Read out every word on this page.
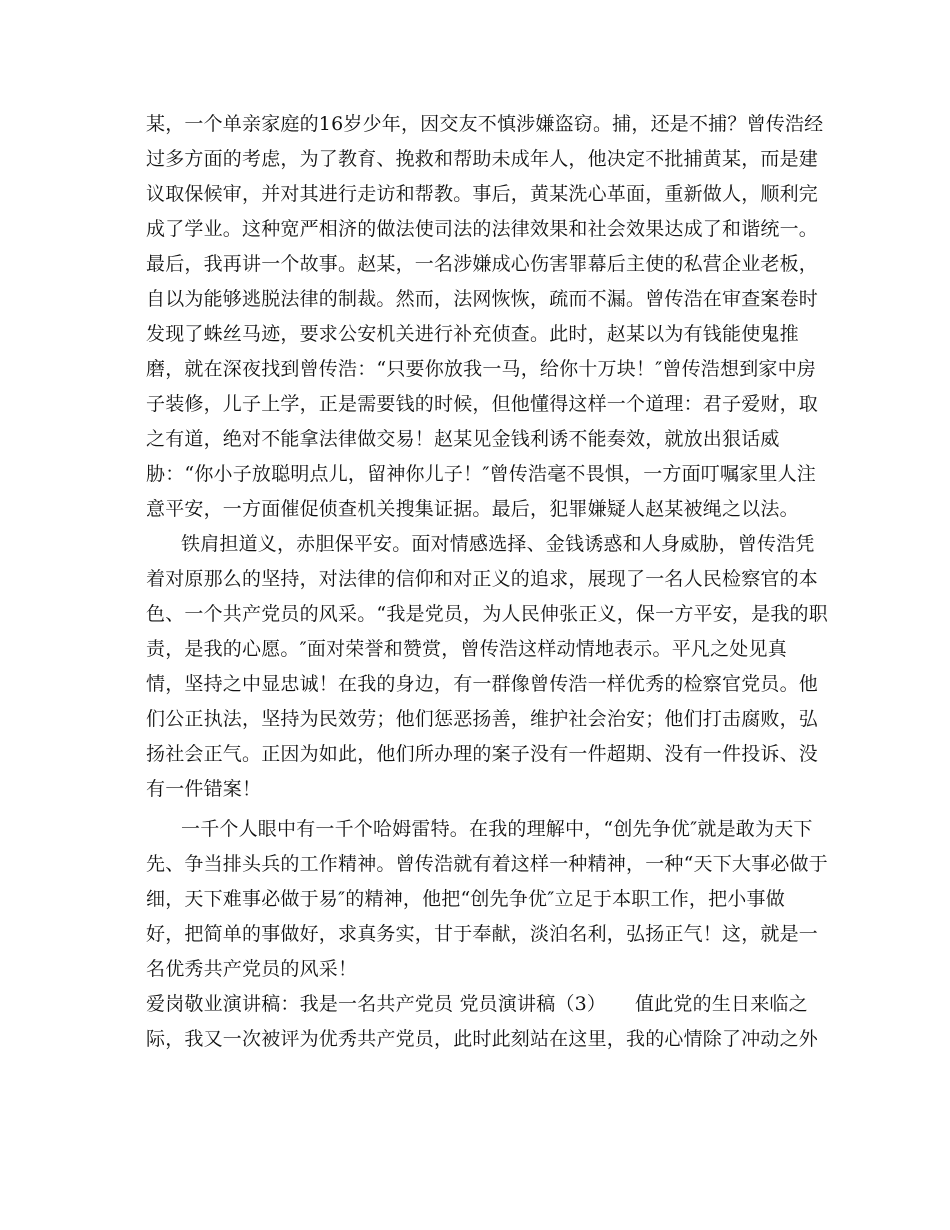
某，一个单亲家庭的16岁少年，因交友不慎涉嫌盗窃。捕，还是不捕？曾传浩经
过多方面的考虑，为了教育、挽救和帮助未成年人，他决定不批捕黄某，而是建
议取保候审，并对其进行走访和帮教。事后，黄某洗心革面，重新做人，顺利完
成了学业。这种宽严相济的做法使司法的法律效果和社会效果达成了和谐统一。
最后，我再讲一个故事。赵某，一名涉嫌成心伤害罪幕后主使的私营企业老板，
自以为能够逃脱法律的制裁。然而，法网恢恢，疏而不漏。曾传浩在审查案卷时
发现了蛛丝马迹，要求公安机关进行补充侦查。此时，赵某以为有钱能使鬼推
磨，就在深夜找到曾传浩：“只要你放我一马，给你十万块！″曾传浩想到家中房
子装修，儿子上学，正是需要钱的时候，但他懂得这样一个道理：君子爱财，取
之有道，绝对不能拿法律做交易！赵某见金钱利诱不能奏效，就放出狠话威
胁：“你小子放聪明点儿，留神你儿子！″曾传浩毫不畏惧，一方面叮嘱家里人注
意平安，一方面催促侦查机关搜集证据。最后，犯罪嫌疑人赵某被绳之以法。
铁肩担道义，赤胆保平安。面对情感选择、金钱诱惑和人身威胁，曾传浩凭
着对原那么的坚持，对法律的信仰和对正义的追求，展现了一名人民检察官的本
色、一个共产党员的风采。“我是党员，为人民伸张正义，保一方平安，是我的职
责，是我的心愿。″面对荣誉和赞赏，曾传浩这样动情地表示。平凡之处见真
情，坚持之中显忠诚！在我的身边，有一群像曾传浩一样优秀的检察官党员。他
们公正执法，坚持为民效劳；他们惩恶扬善，维护社会治安；他们打击腐败，弘
扬社会正气。正因为如此，他们所办理的案子没有一件超期、没有一件投诉、没
有一件错案！
一千个人眼中有一千个哈姆雷特。在我的理解中，“创先争优″就是敢为天下
先、争当排头兵的工作精神。曾传浩就有着这样一种精神，一种“天下大事必做于
细，天下难事必做于易″的精神，他把“创先争优″立足于本职工作，把小事做
好，把简单的事做好，求真务实，甘于奉献，淡泊名利，弘扬正气！这，就是一
名优秀共产党员的风采！
爱岗敬业演讲稿：我是一名共产党员 党员演讲稿（3）　　值此党的生日来临之
际，我又一次被评为优秀共产党员，此时此刻站在这里，我的心情除了冲动之外
